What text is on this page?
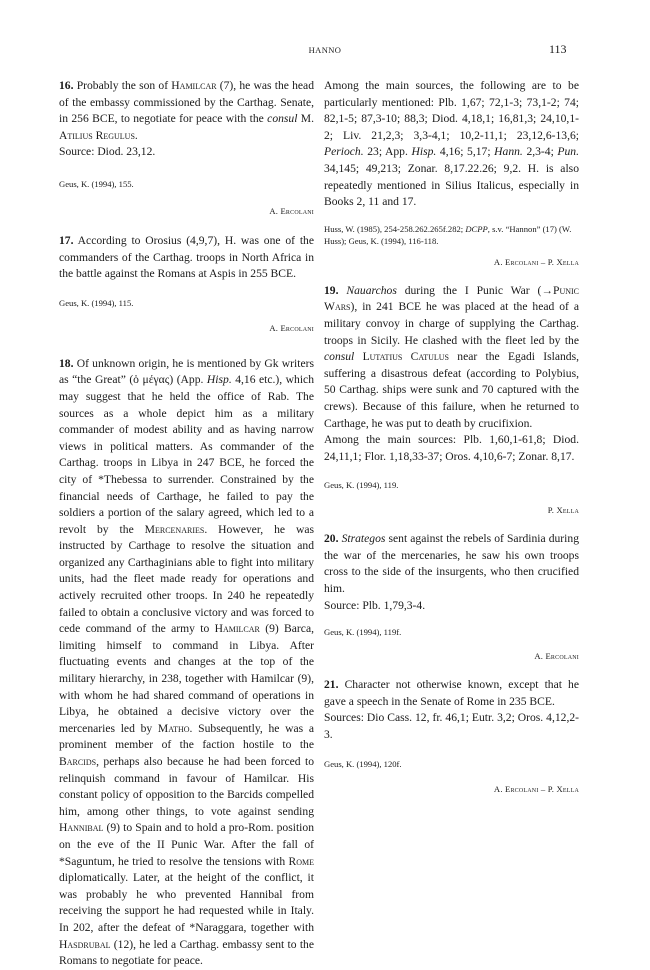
HANNO	113

16. Probably the son of Hamilcar (7), he was the head of the embassy commissioned by the Carthag. Senate, in 256 BCE, to negotiate for peace with the consul M. Atilius Regulus.

Source: Diod. 23,12.

Geus, K. (1994), 155.

A. Ercolani

17. According to Orosius (4,9,7), H. was one of the commanders of the Carthag. troops in North Africa in the battle against the Romans at Aspis in 255 BCE.

Geus, K. (1994), 115.

A. Ercolani

18. Of unknown origin, he is mentioned by Gk writers as “the Great” (ὁ μέγας) (App. Hisp. 4,16 etc.), which may suggest that he held the office of Rab. The sources as a whole depict him as a military commander of modest ability and as having narrow views in political matters. As commander of the Carthag. troops in Libya in 247 BCE, he forced the city of *Thebessa to surrender. Constrained by the financial needs of Carthage, he failed to pay the soldiers a portion of the salary agreed, which led to a revolt by the Mercenaries. However, he was instructed by Carthage to resolve the situation and organized any Carthaginians able to fight into military units, had the fleet made ready for operations and actively recruited other troops. In 240 he repeatedly failed to obtain a conclusive victory and was forced to cede command of the army to Hamilcar (9) Barca, limiting himself to command in Libya. After fluctuating events and changes at the top of the military hierarchy, in 238, together with Hamilcar (9), with whom he had shared command of operations in Libya, he obtained a decisive victory over the mercenaries led by Matho. Subsequently, he was a prominent member of the faction hostile to the Barcids, perhaps also because he had been forced to relinquish command in favour of Hamilcar. His constant policy of opposition to the Barcids compelled him, among other things, to vote against sending Hannibal (9) to Spain and to hold a pro-Rom. position on the eve of the II Punic War. After the fall of *Saguntum, he tried to resolve the tensions with Rome diplomatically. Later, at the height of the conflict, it was probably he who prevented Hannibal from receiving the support he had requested while in Italy. In 202, after the defeat of *Naraggara, together with Hasdrubal (12), he led a Carthag. embassy sent to the Romans to negotiate for peace.

Among the main sources, the following are to be particularly mentioned: Plb. 1,67; 72,1-3; 73,1-2; 74; 82,1-5; 87,3-10; 88,3; Diod. 4,18,1; 16,81,3; 24,10,1-2; Liv. 21,2,3; 3,3-4,1; 10,2-11,1; 23,12,6-13,6; Perioch. 23; App. Hisp. 4,16; 5,17; Hann. 2,3-4; Pun. 34,145; 49,213; Zonar. 8,17.22.26; 9,2. H. is also repeatedly mentioned in Silius Italicus, especially in Books 2, 11 and 17.

Huss, W. (1985), 254-258.262.265f.282; DCPP, s.v. “Hannon” (17) (W. Huss); Geus, K. (1994), 116-118.

A. Ercolani – P. Xella

19. Nauarchos during the I Punic War (→Punic Wars), in 241 BCE he was placed at the head of a military convoy in charge of supplying the Carthag. troops in Sicily. He clashed with the fleet led by the consul Lutatius Catulus near the Egadi Islands, suffering a disastrous defeat (according to Polybius, 50 Carthag. ships were sunk and 70 captured with the crews). Because of this failure, when he returned to Carthage, he was put to death by crucifixion.

Among the main sources: Plb. 1,60,1-61,8; Diod. 24,11,1; Flor. 1,18,33-37; Oros. 4,10,6-7; Zonar. 8,17.

Geus, K. (1994), 119.

P. Xella

20. Strategos sent against the rebels of Sardinia during the war of the mercenaries, he saw his own troops cross to the side of the insurgents, who then crucified him.

Source: Plb. 1,79,3-4.

Geus, K. (1994), 119f.

A. Ercolani

21. Character not otherwise known, except that he gave a speech in the Senate of Rome in 235 BCE.

Sources: Dio Cass. 12, fr. 46,1; Eutr. 3,2; Oros. 4,12,2-3.

Geus, K. (1994), 120f.

A. Ercolani – P. Xella
